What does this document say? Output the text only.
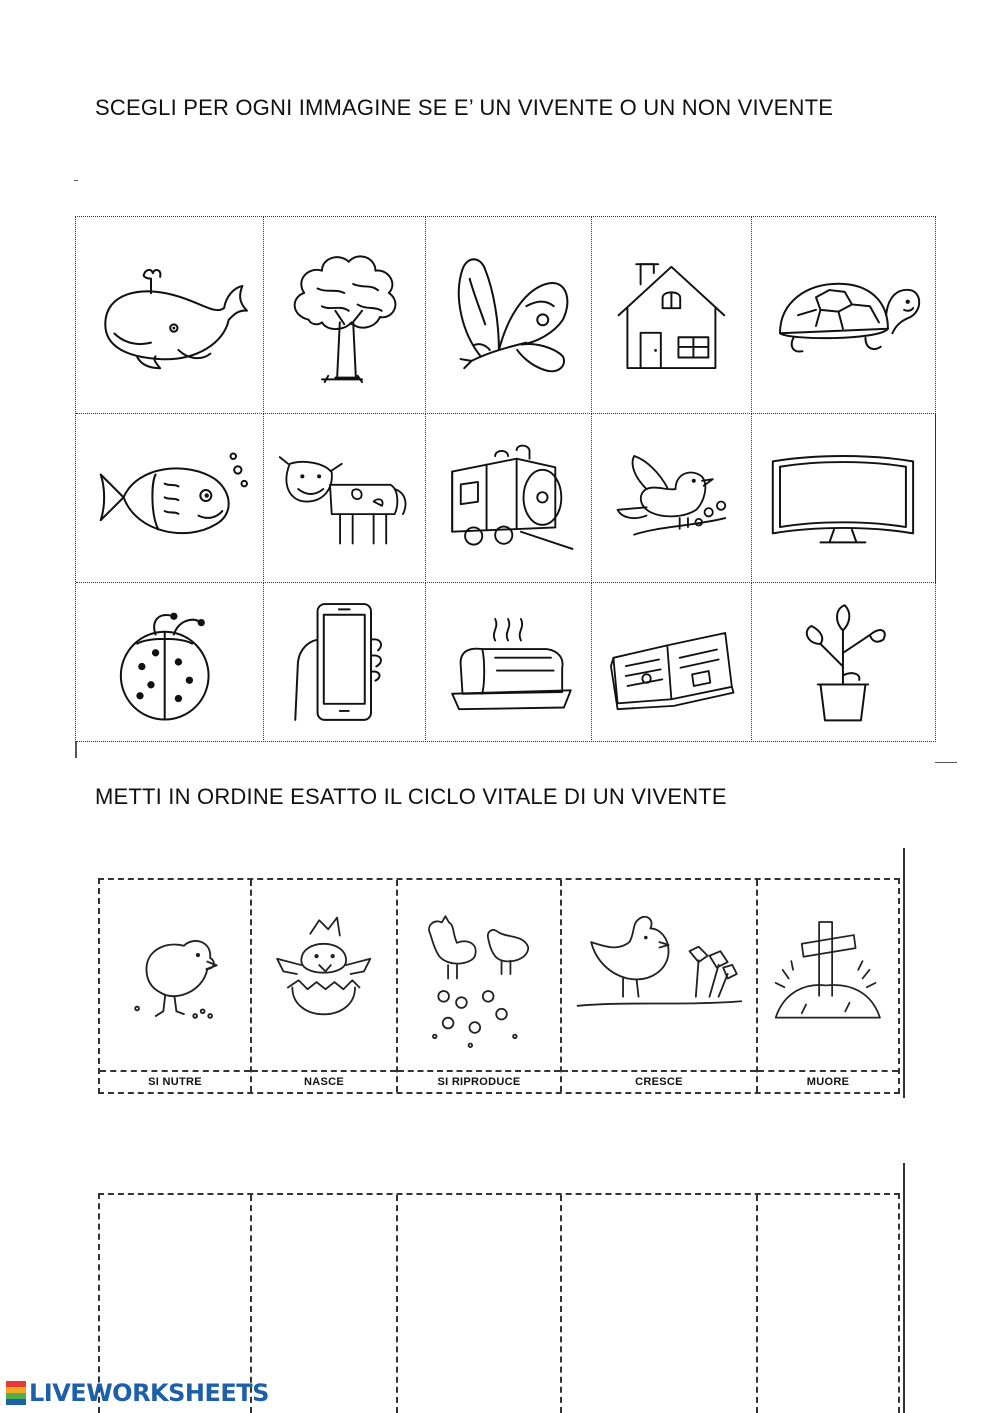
SCEGLI PER OGNI IMMAGINE SE E’ UN VIVENTE O UN NON VIVENTE
METTI IN ORDINE ESATTO IL CICLO VITALE DI UN VIVENTE
SI NUTRE	NASCE	SI RIPRODUCE	CRESCE	MUORE
LIVEWORKSHEETS
